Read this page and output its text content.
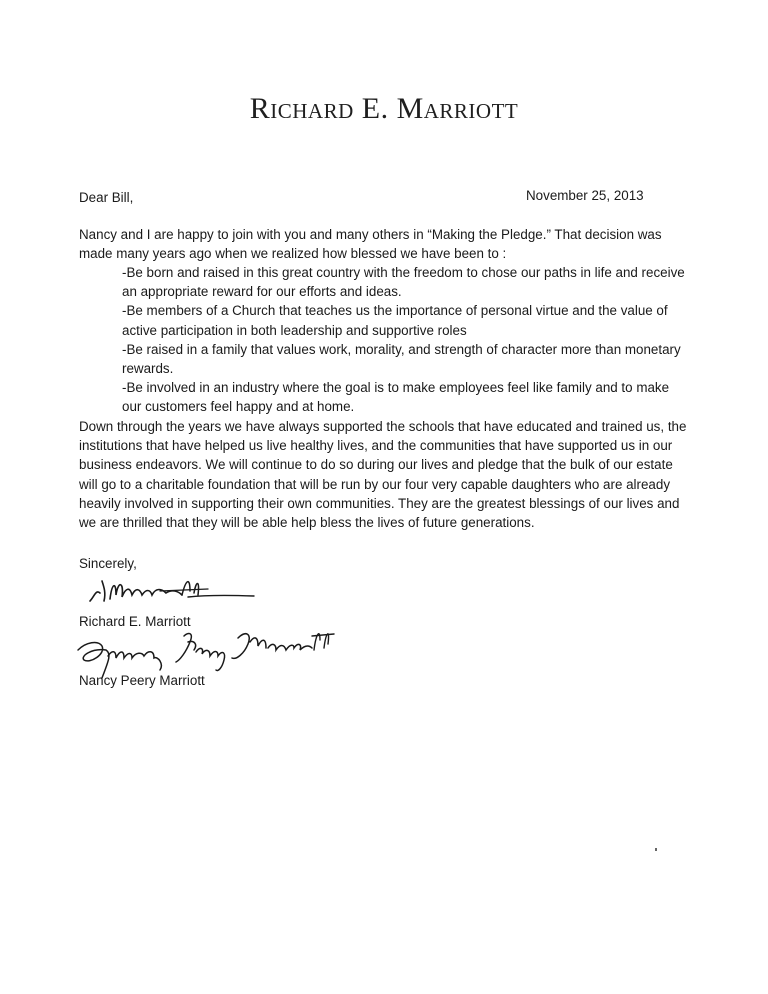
Richard E. Marriott
Dear Bill,	November 25, 2013

Nancy and I are happy to join with you and many others in “Making the Pledge.” That decision was

made many years ago when we realized how blessed we have been to :

-Be born and raised in this great country with the freedom to chose our paths in life and receive

an appropriate reward for our efforts and ideas.

-Be members of a Church that teaches us the importance of personal virtue and the value of

active participation in both leadership and supportive roles

-Be raised in a family that values work, morality, and strength of character more than monetary

rewards.

-Be involved in an industry where the goal is to make employees feel like family and to make

our customers feel happy and at home.

Down through the years we have always supported the schools that have educated and trained us, the

institutions that have helped us live healthy lives, and the communities that have supported us in our

business endeavors. We will continue to do so during our lives and pledge that the bulk of our estate

will go to a charitable foundation that will be run by our four very capable daughters who are already

heavily involved in supporting their own communities. They are the greatest blessings of our lives and

we are thrilled that they will be able help bless the lives of future generations.

Sincerely,
Richard E. Marriott
Nancy Peery Marriott
